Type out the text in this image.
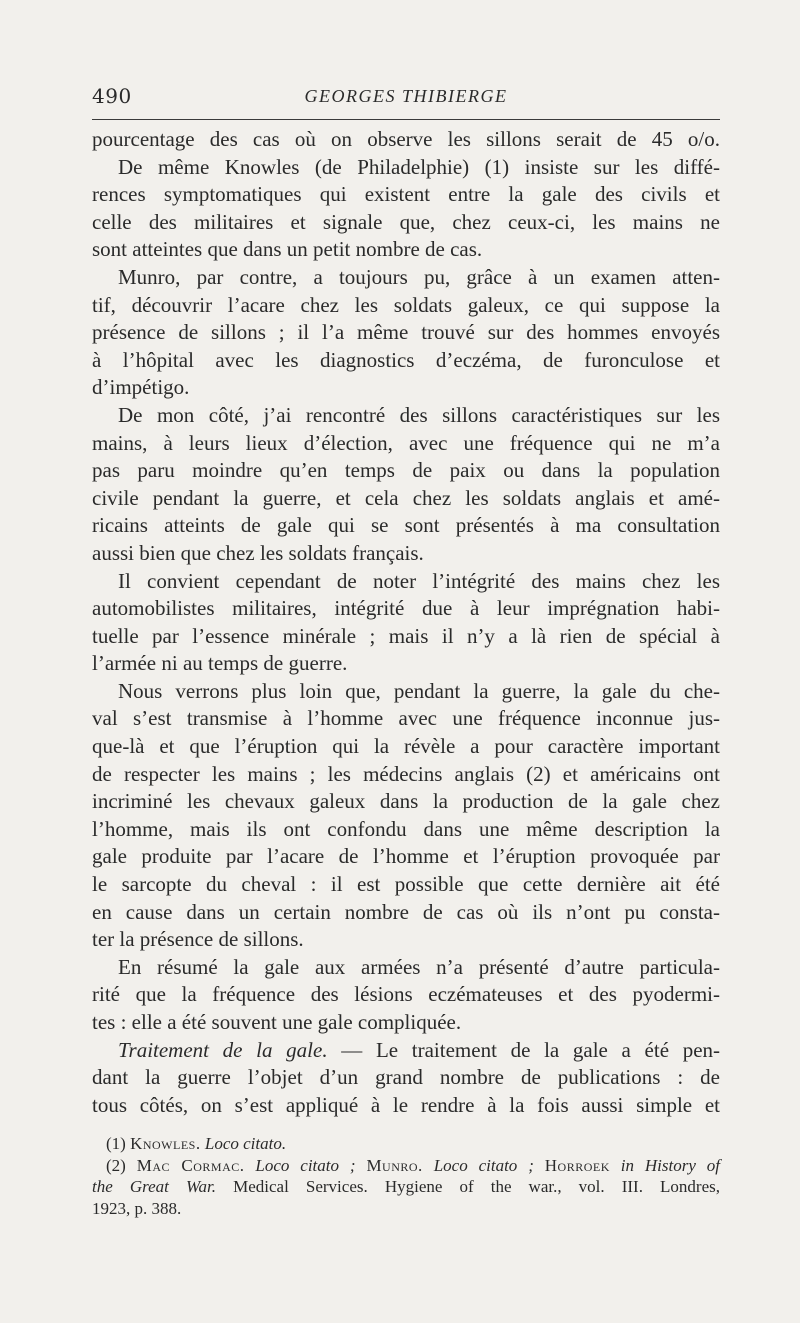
490	GEORGES THIBIERGE
pourcentage des cas où on observe les sillons serait de 45 o/o.
De même Knowles (de Philadelphie) (1) insiste sur les diffé-
rences symptomatiques qui existent entre la gale des civils et
celle des militaires et signale que, chez ceux-ci, les mains ne
sont atteintes que dans un petit nombre de cas.
Munro, par contre, a toujours pu, grâce à un examen atten-
tif, découvrir l’acare chez les soldats galeux, ce qui suppose la
présence de sillons ; il l’a même trouvé sur des hommes envoyés
à l’hôpital avec les diagnostics d’eczéma, de furonculose et
d’impétigo.
De mon côté, j’ai rencontré des sillons caractéristiques sur les
mains, à leurs lieux d’élection, avec une fréquence qui ne m’a
pas paru moindre qu’en temps de paix ou dans la population
civile pendant la guerre, et cela chez les soldats anglais et amé-
ricains atteints de gale qui se sont présentés à ma consultation
aussi bien que chez les soldats français.
Il convient cependant de noter l’intégrité des mains chez les
automobilistes militaires, intégrité due à leur imprégnation habi-
tuelle par l’essence minérale ; mais il n’y a là rien de spécial à
l’armée ni au temps de guerre.
Nous verrons plus loin que, pendant la guerre, la gale du che-
val s’est transmise à l’homme avec une fréquence inconnue jus-
que-là et que l’éruption qui la révèle a pour caractère important
de respecter les mains ; les médecins anglais (2) et américains ont
incriminé les chevaux galeux dans la production de la gale chez
l’homme, mais ils ont confondu dans une même description la
gale produite par l’acare de l’homme et l’éruption provoquée par
le sarcopte du cheval : il est possible que cette dernière ait été
en cause dans un certain nombre de cas où ils n’ont pu consta-
ter la présence de sillons.
En résumé la gale aux armées n’a présenté d’autre particula-
rité que la fréquence des lésions eczémateuses et des pyodermi-
tes : elle a été souvent une gale compliquée.
Traitement de la gale. — Le traitement de la gale a été pen-
dant la guerre l’objet d’un grand nombre de publications : de
tous côtés, on s’est appliqué à le rendre à la fois aussi simple et
(1) Knowles. Loco citato.
(2) Mac Cormac. Loco citato ; Munro. Loco citato ; Horroek in History of
the Great War. Medical Services. Hygiene of the war., vol. III. Londres,
1923, p. 388.
